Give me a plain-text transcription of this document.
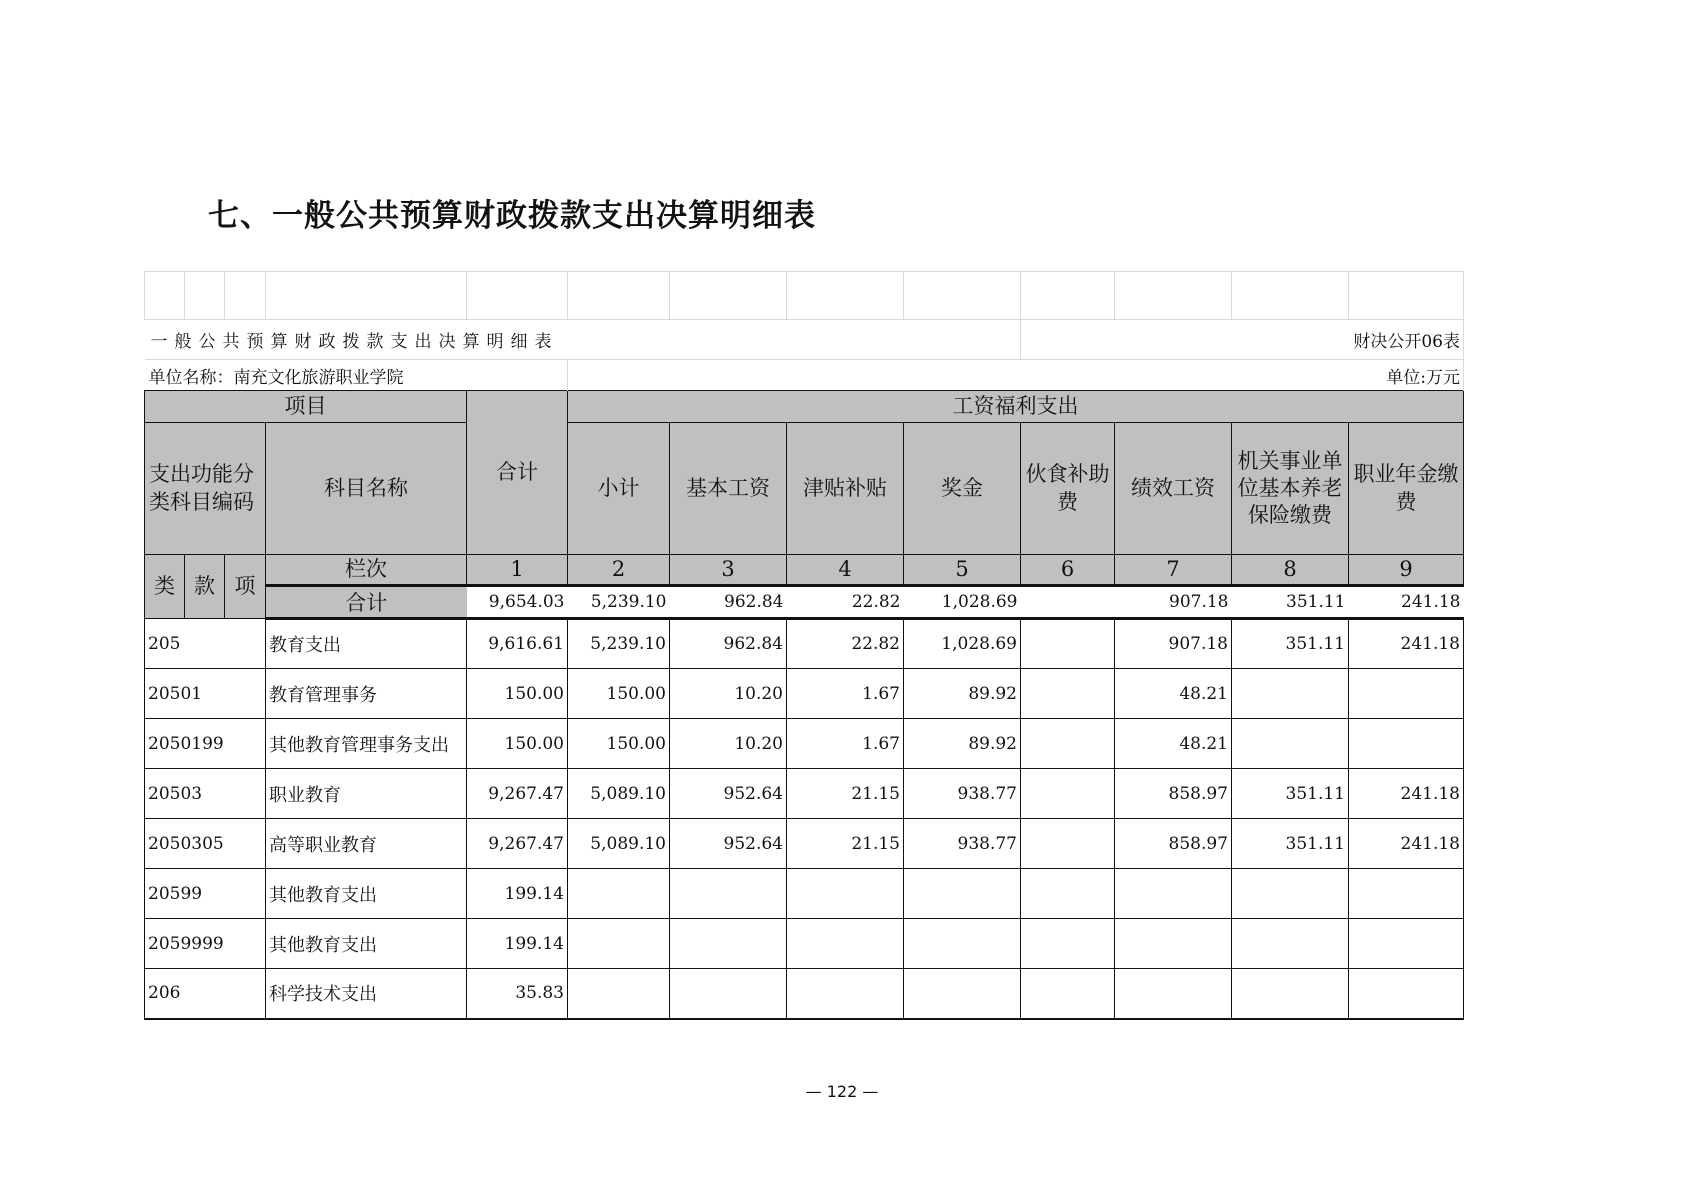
七、一般公共预算财政拨款支出决算明细表

一般公共预算财政拨款支出决算明细表											财决公开06表	
单位名称：南充文化旅游职业学院											单位:万元	
项目				合计	工资福利支出							
支出功能分类科目编码			科目名称		小计	基本工资	津贴补贴	奖金	伙食补助费	绩效工资	机关事业单位基本养老保险缴费	职业年金缴费
类	款	项	栏次	1	2	3	4	5	6	7	8	9
			合计	9,654.03	5,239.10	962.84	22.82	1,028.69		907.18	351.11	241.18
205			教育支出	9,616.61	5,239.10	962.84	22.82	1,028.69		907.18	351.11	241.18
20501			教育管理事务	150.00	150.00	10.20	1.67	89.92		48.21		
2050199			其他教育管理事务支出	150.00	150.00	10.20	1.67	89.92		48.21		
20503			职业教育	9,267.47	5,089.10	952.64	21.15	938.77		858.97	351.11	241.18
2050305			高等职业教育	9,267.47	5,089.10	952.64	21.15	938.77		858.97	351.11	241.18
20599			其他教育支出	199.14								
2059999			其他教育支出	199.14								
206			科学技术支出	35.83								
— 122 —
